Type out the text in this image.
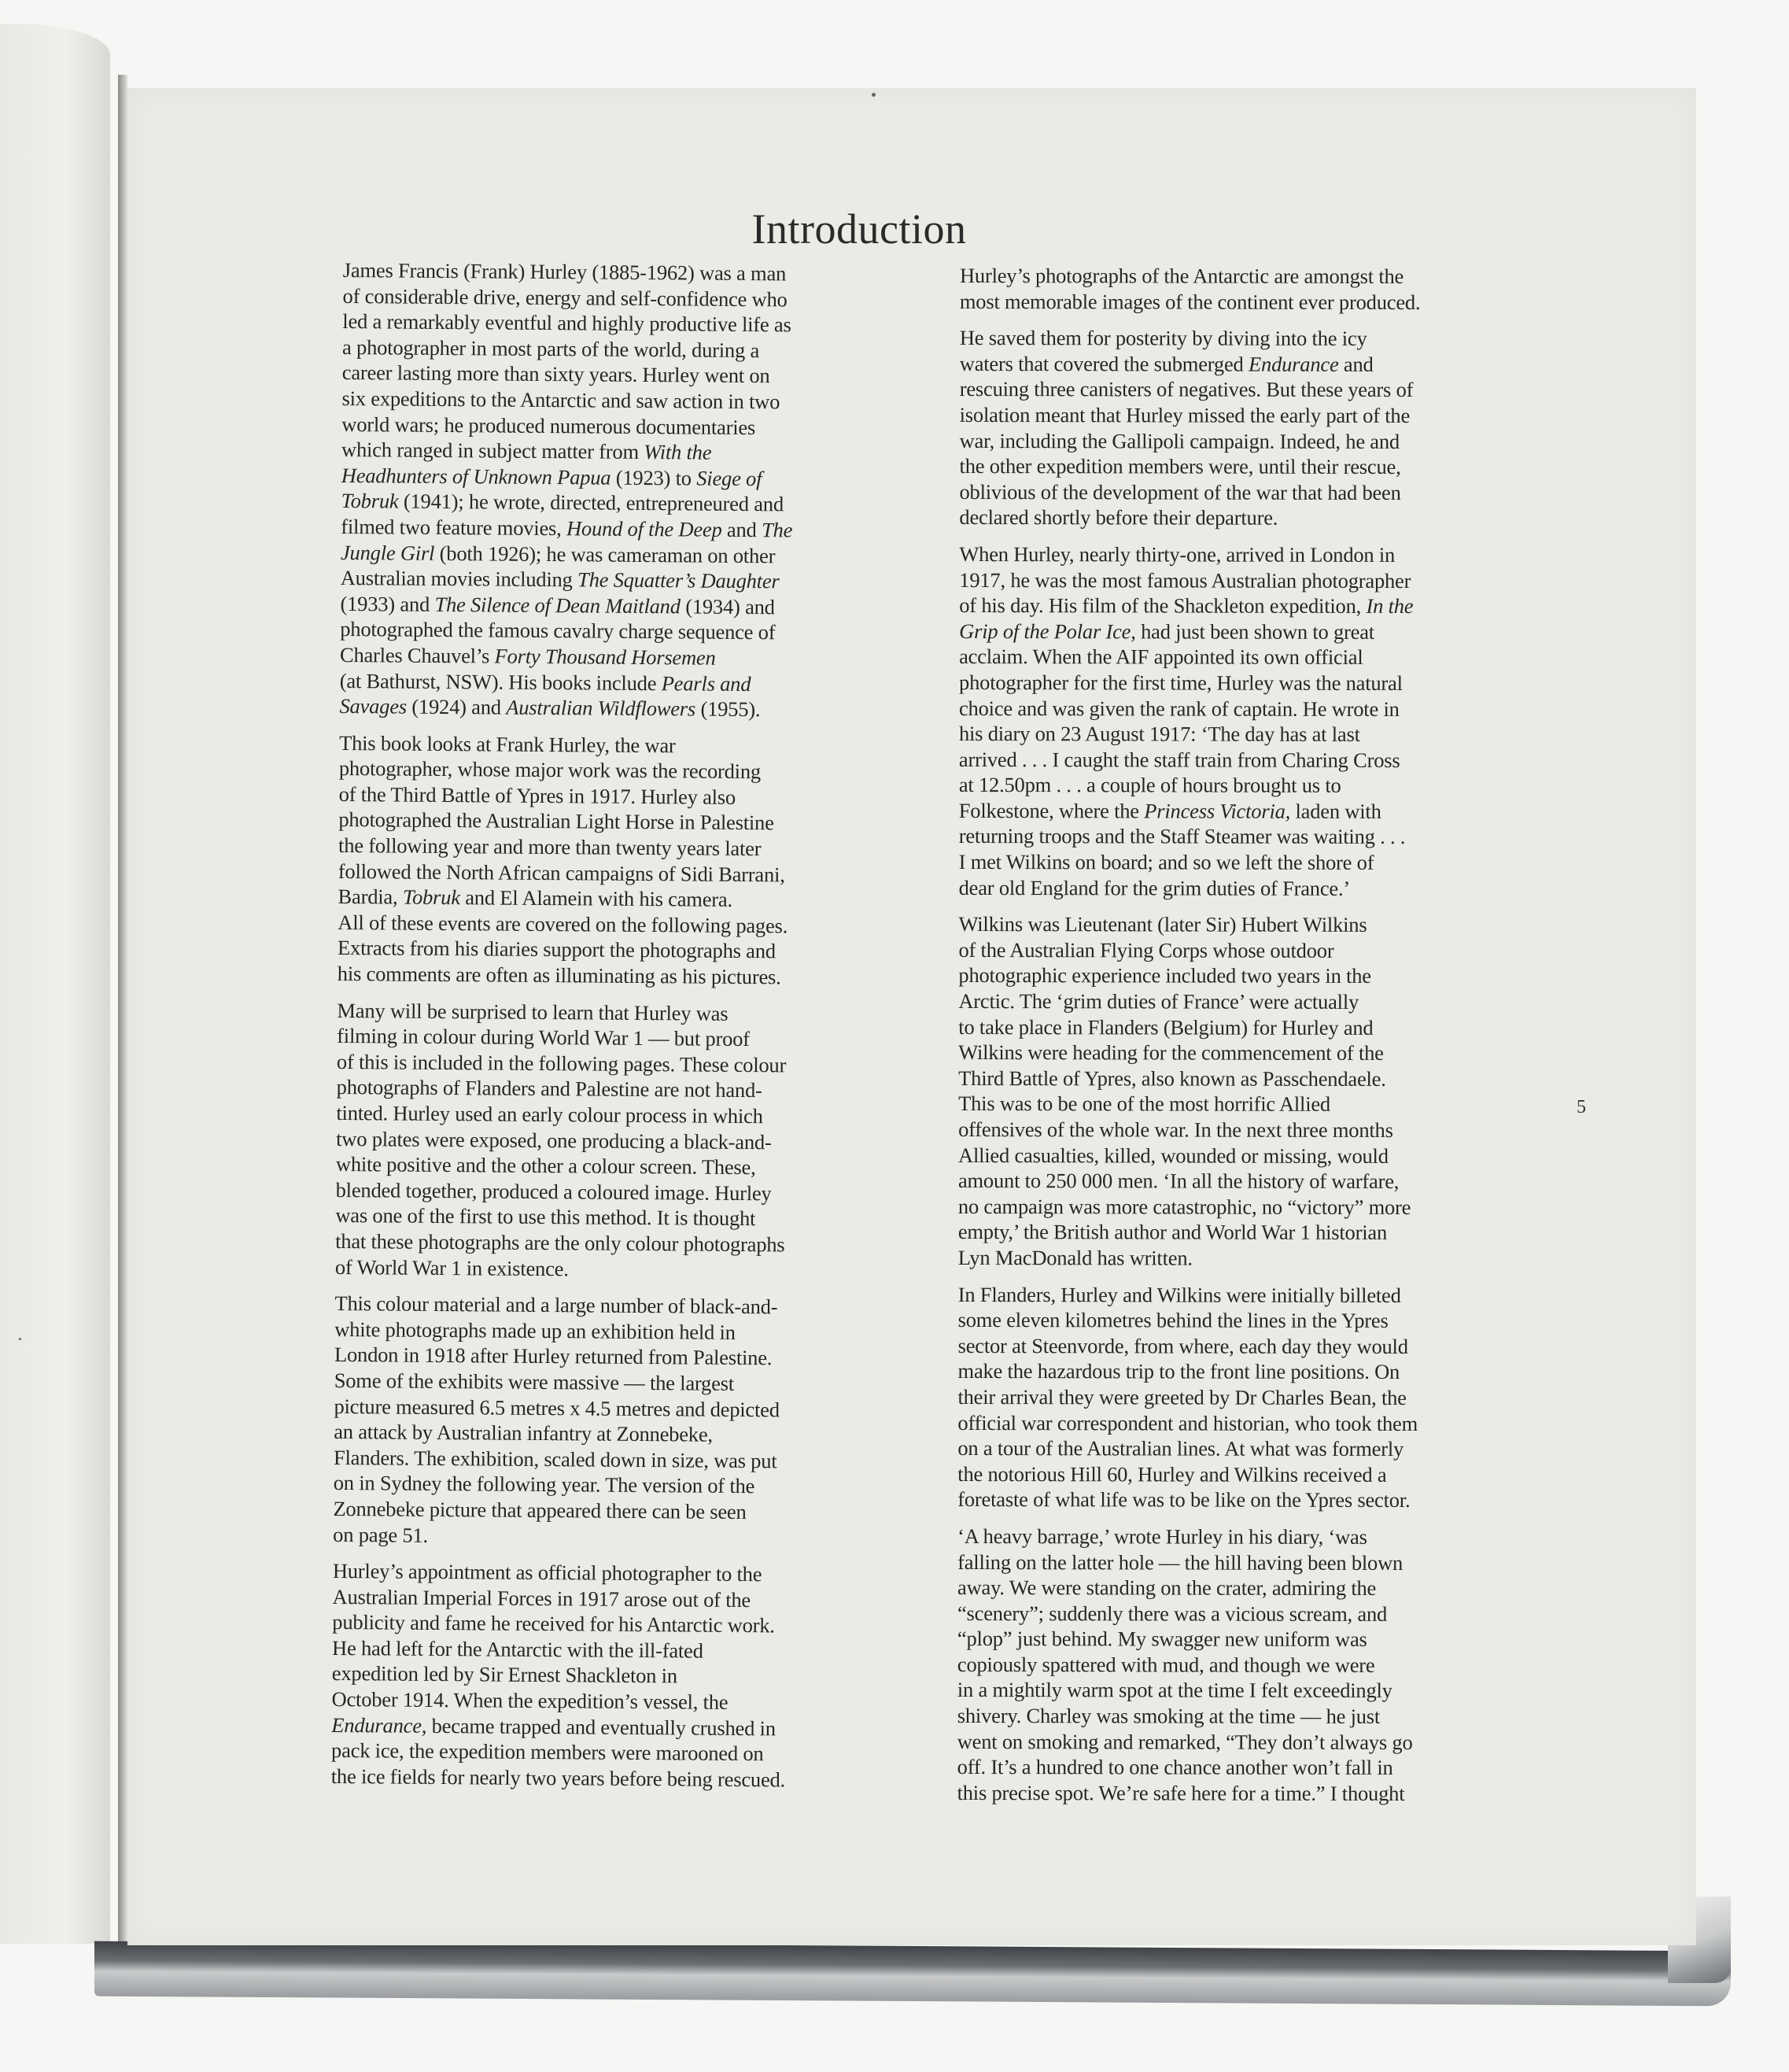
Introduction

James Francis (Frank) Hurley (1885-1962) was a man
of considerable drive, energy and self-confidence who
led a remarkably eventful and highly productive life as
a photographer in most parts of the world, during a
career lasting more than sixty years. Hurley went on
six expeditions to the Antarctic and saw action in two
world wars; he produced numerous documentaries
which ranged in subject matter from With the
Headhunters of Unknown Papua (1923) to Siege of
Tobruk (1941); he wrote, directed, entrepreneured and
filmed two feature movies, Hound of the Deep and The
Jungle Girl (both 1926); he was cameraman on other
Australian movies including The Squatter’s Daughter
(1933) and The Silence of Dean Maitland (1934) and
photographed the famous cavalry charge sequence of
Charles Chauvel’s Forty Thousand Horsemen
(at Bathurst, NSW). His books include Pearls and
Savages (1924) and Australian Wildflowers (1955).

This book looks at Frank Hurley, the war
photographer, whose major work was the recording
of the Third Battle of Ypres in 1917. Hurley also
photographed the Australian Light Horse in Palestine
the following year and more than twenty years later
followed the North African campaigns of Sidi Barrani,
Bardia, Tobruk and El Alamein with his camera.
All of these events are covered on the following pages.
Extracts from his diaries support the photographs and
his comments are often as illuminating as his pictures.

Many will be surprised to learn that Hurley was
filming in colour during World War 1 — but proof
of this is included in the following pages. These colour
photographs of Flanders and Palestine are not hand-
tinted. Hurley used an early colour process in which
two plates were exposed, one producing a black-and-
white positive and the other a colour screen. These,
blended together, produced a coloured image. Hurley
was one of the first to use this method. It is thought
that these photographs are the only colour photographs
of World War 1 in existence.

This colour material and a large number of black-and-
white photographs made up an exhibition held in
London in 1918 after Hurley returned from Palestine.
Some of the exhibits were massive — the largest
picture measured 6.5 metres x 4.5 metres and depicted
an attack by Australian infantry at Zonnebeke,
Flanders. The exhibition, scaled down in size, was put
on in Sydney the following year. The version of the
Zonnebeke picture that appeared there can be seen
on page 51.

Hurley’s appointment as official photographer to the
Australian Imperial Forces in 1917 arose out of the
publicity and fame he received for his Antarctic work.
He had left for the Antarctic with the ill-fated
expedition led by Sir Ernest Shackleton in
October 1914. When the expedition’s vessel, the
Endurance, became trapped and eventually crushed in
pack ice, the expedition members were marooned on
the ice fields for nearly two years before being rescued.

Hurley’s photographs of the Antarctic are amongst the
most memorable images of the continent ever produced.

He saved them for posterity by diving into the icy
waters that covered the submerged Endurance and
rescuing three canisters of negatives. But these years of
isolation meant that Hurley missed the early part of the
war, including the Gallipoli campaign. Indeed, he and
the other expedition members were, until their rescue,
oblivious of the development of the war that had been
declared shortly before their departure.

When Hurley, nearly thirty-one, arrived in London in
1917, he was the most famous Australian photographer
of his day. His film of the Shackleton expedition, In the
Grip of the Polar Ice, had just been shown to great
acclaim. When the AIF appointed its own official
photographer for the first time, Hurley was the natural
choice and was given the rank of captain. He wrote in
his diary on 23 August 1917: ‘The day has at last
arrived . . . I caught the staff train from Charing Cross
at 12.50pm . . . a couple of hours brought us to
Folkestone, where the Princess Victoria, laden with
returning troops and the Staff Steamer was waiting . . .
I met Wilkins on board; and so we left the shore of
dear old England for the grim duties of France.’

Wilkins was Lieutenant (later Sir) Hubert Wilkins
of the Australian Flying Corps whose outdoor
photographic experience included two years in the
Arctic. The ‘grim duties of France’ were actually
to take place in Flanders (Belgium) for Hurley and
Wilkins were heading for the commencement of the
Third Battle of Ypres, also known as Passchendaele.
This was to be one of the most horrific Allied
offensives of the whole war. In the next three months
Allied casualties, killed, wounded or missing, would
amount to 250 000 men. ‘In all the history of warfare,
no campaign was more catastrophic, no “victory” more
empty,’ the British author and World War 1 historian
Lyn MacDonald has written.

In Flanders, Hurley and Wilkins were initially billeted
some eleven kilometres behind the lines in the Ypres
sector at Steenvorde, from where, each day they would
make the hazardous trip to the front line positions. On
their arrival they were greeted by Dr Charles Bean, the
official war correspondent and historian, who took them
on a tour of the Australian lines. At what was formerly
the notorious Hill 60, Hurley and Wilkins received a
foretaste of what life was to be like on the Ypres sector.

‘A heavy barrage,’ wrote Hurley in his diary, ‘was
falling on the latter hole — the hill having been blown
away. We were standing on the crater, admiring the
“scenery”; suddenly there was a vicious scream, and
“plop” just behind. My swagger new uniform was
copiously spattered with mud, and though we were
in a mightily warm spot at the time I felt exceedingly
shivery. Charley was smoking at the time — he just
went on smoking and remarked, “They don’t always go
off. It’s a hundred to one chance another won’t fall in
this precise spot. We’re safe here for a time.” I thought

5
